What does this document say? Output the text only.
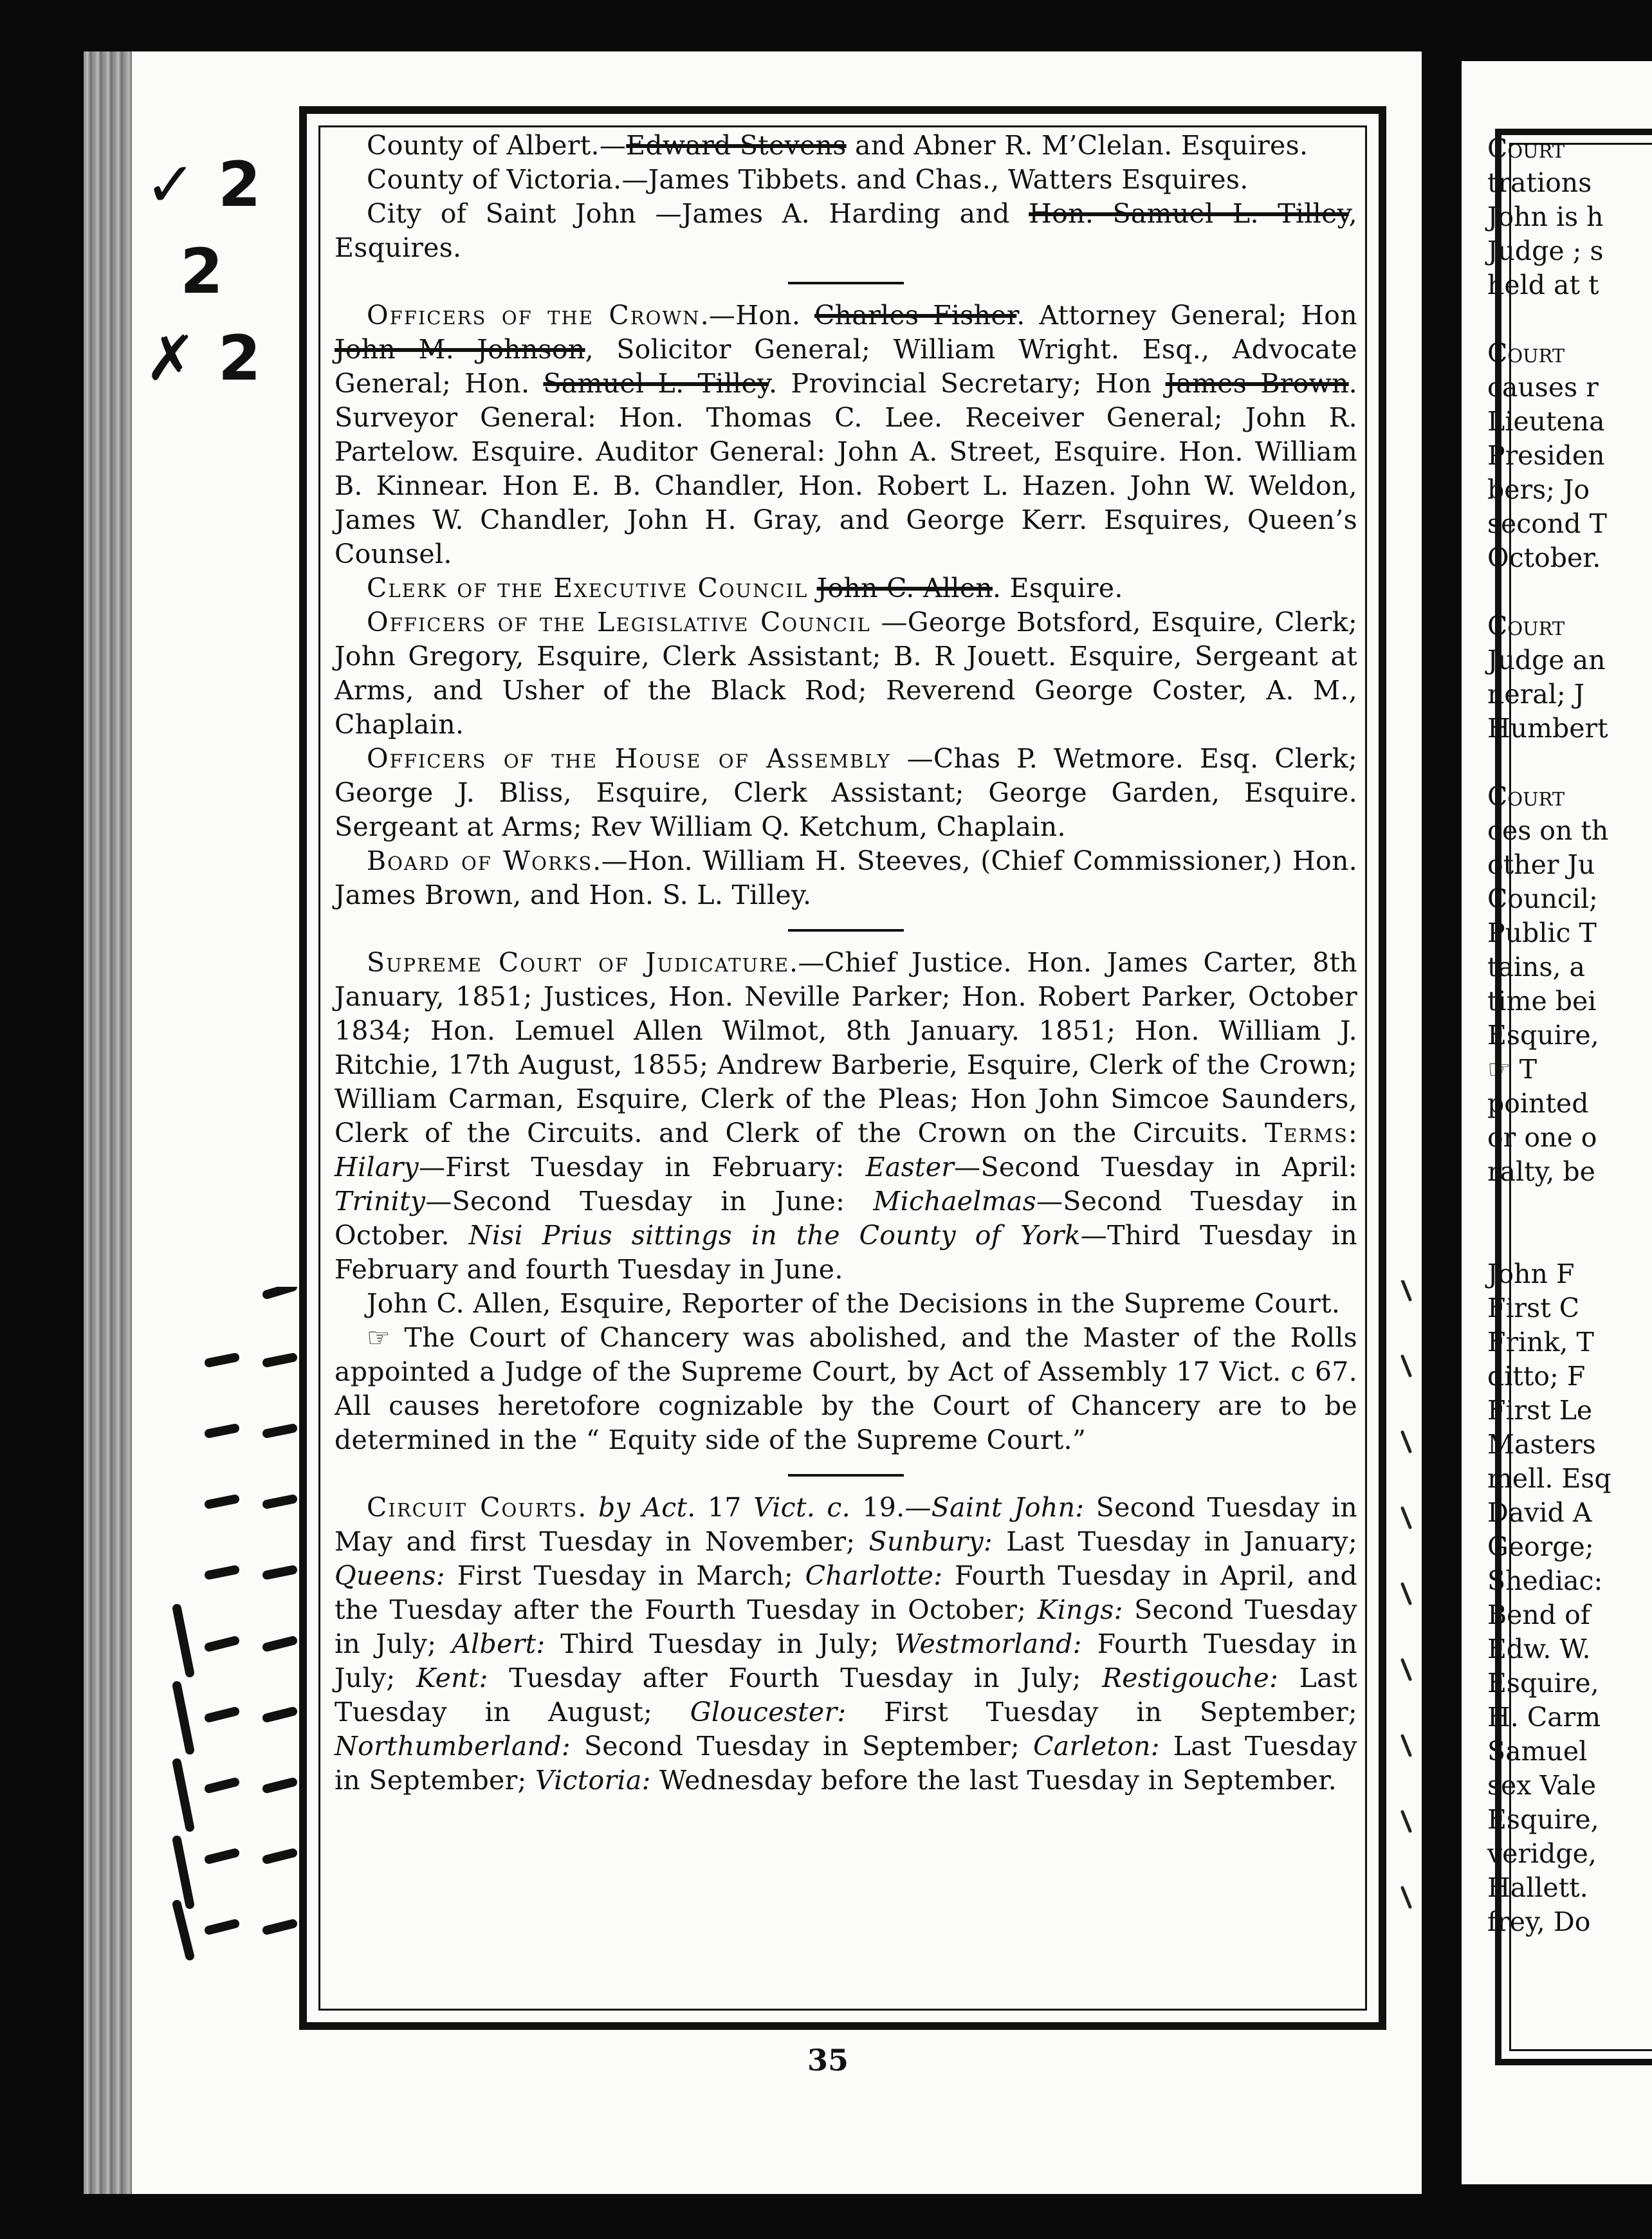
Court
trations
John is h
Judge ; s
held at t
Court
causes r
Lieutena
Presiden
bers; Jo
second T
October.
Court
Judge an
neral; J
Humbert
Court
ces on th
other Ju
Council;
Public T
tains, a
time bei
Esquire,
☞ T
pointed
or one o
ralty, be
John F
First C
Frink, T
ditto; F
First Le
Masters
mell. Esq
David A
George;
Shediac:
Bend of
Edw. W.
Esquire,
H. Carm
Samuel
sex Vale
Esquire,
veridge,
Hallett.
frey, Do
✓ 2
2
✗ 2

County of Albert.—Edward Stevens and Abner R. M’Clelan. Esquires.

County of Victoria.—James Tibbets. and Chas., Watters Esquires.

City of Saint John —James A. Harding and Hon. Samuel L. Tilley, Esquires.

Officers of the Crown.—Hon. Charles Fisher. Attorney General; Hon John M. Johnson, Solicitor General; William Wright. Esq., Advocate General; Hon. Samuel L. Tilley. Provincial Secretary; Hon James Brown. Surveyor General: Hon. Thomas C. Lee. Receiver General; John R. Partelow. Esquire. Auditor General: John A. Street, Esquire. Hon. William B. Kinnear. Hon E. B. Chandler, Hon. Robert L. Hazen. John W. Weldon, James W. Chandler, John H. Gray, and George Kerr. Esquires, Queen’s Counsel.

Clerk of the Executive Council John C. Allen. Esquire.

Officers of the Legislative Council —George Botsford, Esquire, Clerk; John Gregory, Esquire, Clerk Assistant; B. R Jouett. Esquire, Sergeant at Arms, and Usher of the Black Rod; Reverend George Coster, A. M., Chaplain.

Officers of the House of Assembly —Chas P. Wetmore. Esq. Clerk; George J. Bliss, Esquire, Clerk Assistant; George Garden, Esquire. Sergeant at Arms; Rev William Q. Ketchum, Chaplain.

Board of Works.—Hon. William H. Steeves, (Chief Commissioner,) Hon. James Brown, and Hon. S. L. Tilley.

Supreme Court of Judicature.—Chief Justice. Hon. James Carter, 8th January, 1851; Justices, Hon. Neville Parker; Hon. Robert Parker, October 1834; Hon. Lemuel Allen Wilmot, 8th January. 1851; Hon. William J. Ritchie, 17th August, 1855; Andrew Barberie, Esquire, Clerk of the Crown; William Carman, Esquire, Clerk of the Pleas; Hon John Simcoe Saunders, Clerk of the Circuits. and Clerk of the Crown on the Circuits. Terms: Hilary—First Tuesday in February: Easter—Second Tuesday in April: Trinity—Second Tuesday in June: Michaelmas—Second Tuesday in October. Nisi Prius sittings in the County of York—Third Tuesday in February and fourth Tuesday in June.

John C. Allen, Esquire, Reporter of the Decisions in the Supreme Court.

☞ The Court of Chancery was abolished, and the Master of the Rolls appointed a Judge of the Supreme Court, by Act of Assembly 17 Vict. c 67. All causes heretofore cognizable by the Court of Chancery are to be determined in the “ Equity side of the Supreme Court.”

Circuit Courts. by Act. 17 Vict. c. 19.—Saint John: Second Tuesday in May and first Tuesday in November; Sunbury: Last Tuesday in January; Queens: First Tuesday in March; Charlotte: Fourth Tuesday in April, and the Tuesday after the Fourth Tuesday in October; Kings: Second Tuesday in July; Albert: Third Tuesday in July; Westmorland: Fourth Tuesday in July; Kent: Tuesday after Fourth Tuesday in July; Restigouche: Last Tuesday in August; Gloucester: First Tuesday in September; Northumberland: Second Tuesday in September; Carleton: Last Tuesday in September; Victoria: Wednesday before the last Tuesday in September.

35
